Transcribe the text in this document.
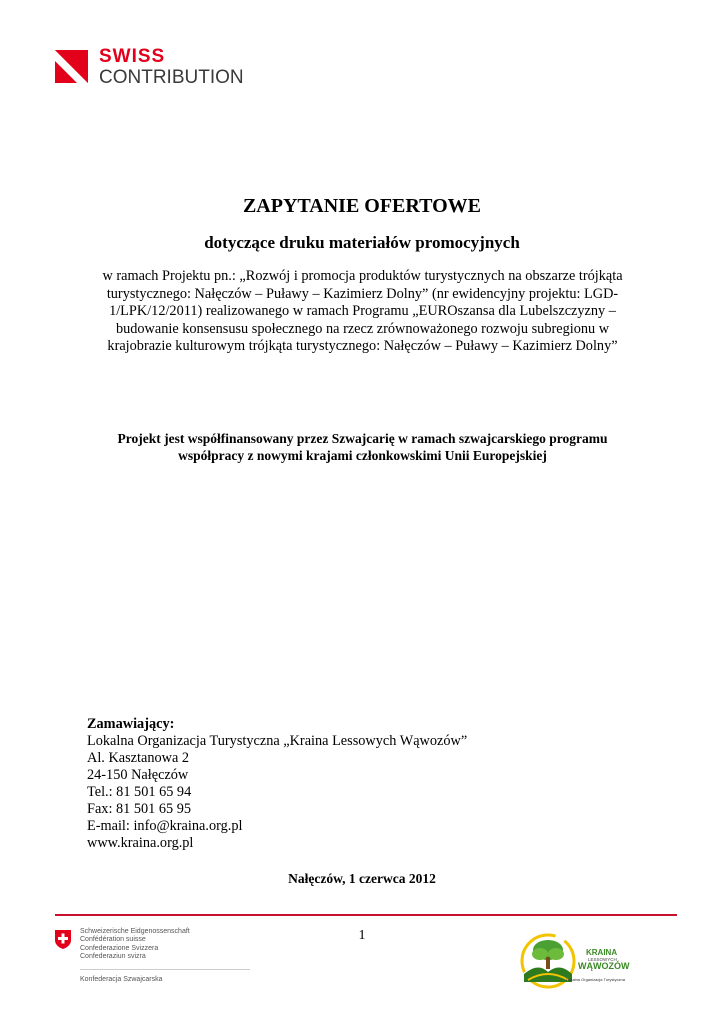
SWISS
CONTRIBUTION
ZAPYTANIE OFERTOWE
dotyczące druku materiałów promocyjnych
w ramach Projektu pn.: „Rozwój i promocja produktów turystycznych na obszarze trójkąta
turystycznego: Nałęczów – Puławy – Kazimierz Dolny” (nr ewidencyjny projektu: LGD-
1/LPK/12/2011) realizowanego w ramach Programu „EUROszansa dla Lubelszczyzny –
budowanie konsensusu społecznego na rzecz zrównoważonego rozwoju subregionu w
krajobrazie kulturowym trójkąta turystycznego: Nałęczów – Puławy – Kazimierz Dolny”
Projekt jest współfinansowany przez Szwajcarię w ramach szwajcarskiego programu
współpracy z nowymi krajami członkowskimi Unii Europejskiej
Zamawiający:
Lokalna Organizacja Turystyczna „Kraina Lessowych Wąwozów”
Al. Kasztanowa 2
24-150 Nałęczów
Tel.: 81 501 65 94
Fax: 81 501 65 95
E-mail: info@kraina.org.pl
www.kraina.org.pl
Nałęczów, 1 czerwca 2012
Schweizerische Eidgenossenschaft
Confédération suisse
Confederazione Svizzera
Confederaziun svizra
Konfederacja Szwajcarska
1
KRAINA
LESSOWYCH
WĄWOZÓW
Lokalna Organizacja Turystyczna
